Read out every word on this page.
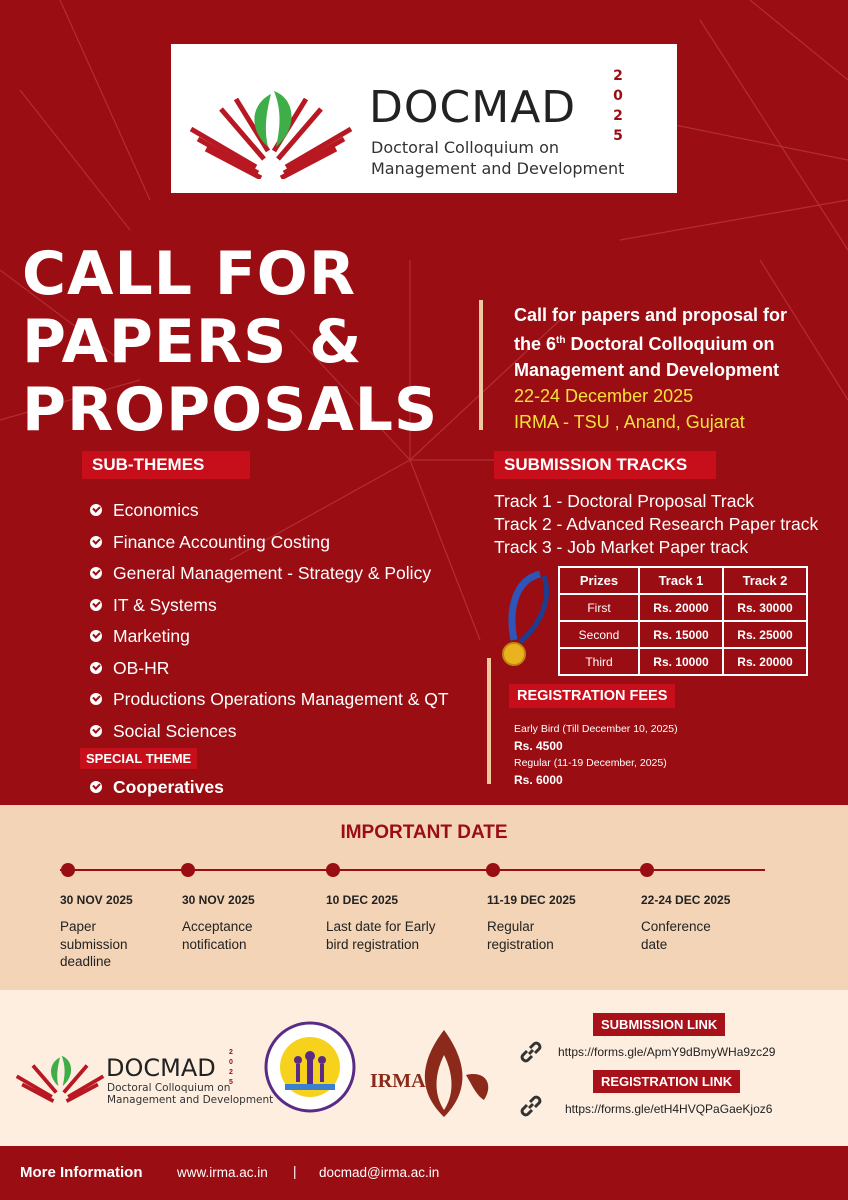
DOCMAD
Doctoral Colloquium on
Management and Development
2
0
2
5
CALL FOR
PAPERS &
PROPOSALS
Call for papers and proposal for
the 6th Doctoral Colloquium on
Management and Development
22-24 December 2025
IRMA - TSU , Anand, Gujarat
SUB-THEMES
Economics
Finance Accounting Costing
General Management - Strategy & Policy
IT & Systems
Marketing
OB-HR
Productions Operations Management & QT
Social Sciences
SPECIAL THEME
Cooperatives
SUBMISSION TRACKS
Track 1 - Doctoral Proposal Track
Track 2 - Advanced Research Paper track
Track 3 - Job Market Paper track
Prizes	Track 1	Track 2
First	Rs. 20000	Rs. 30000
Second	Rs. 15000	Rs. 25000
Third	Rs. 10000	Rs. 20000
REGISTRATION FEES
Early Bird (Till December 10, 2025)
Rs. 4500
Regular (11-19 December, 2025)
Rs. 6000
IMPORTANT DATE
30 NOV 2025
Paper submission deadline
30 NOV 2025
Acceptance notification
10 DEC 2025
Last date for Early bird registration
11-19 DEC 2025
Regular registration
22-24 DEC 2025
Conference date
DOCMAD
Doctoral Colloquium on
Management and Development
2
0
2
5	IRMA
SUBMISSION LINK
https://forms.gle/ApmY9dBmyWHa9zc29
REGISTRATION LINK
https://forms.gle/etH4HVQPaGaeKjoz6
More Information	www.irma.ac.in | docmad@irma.ac.in
